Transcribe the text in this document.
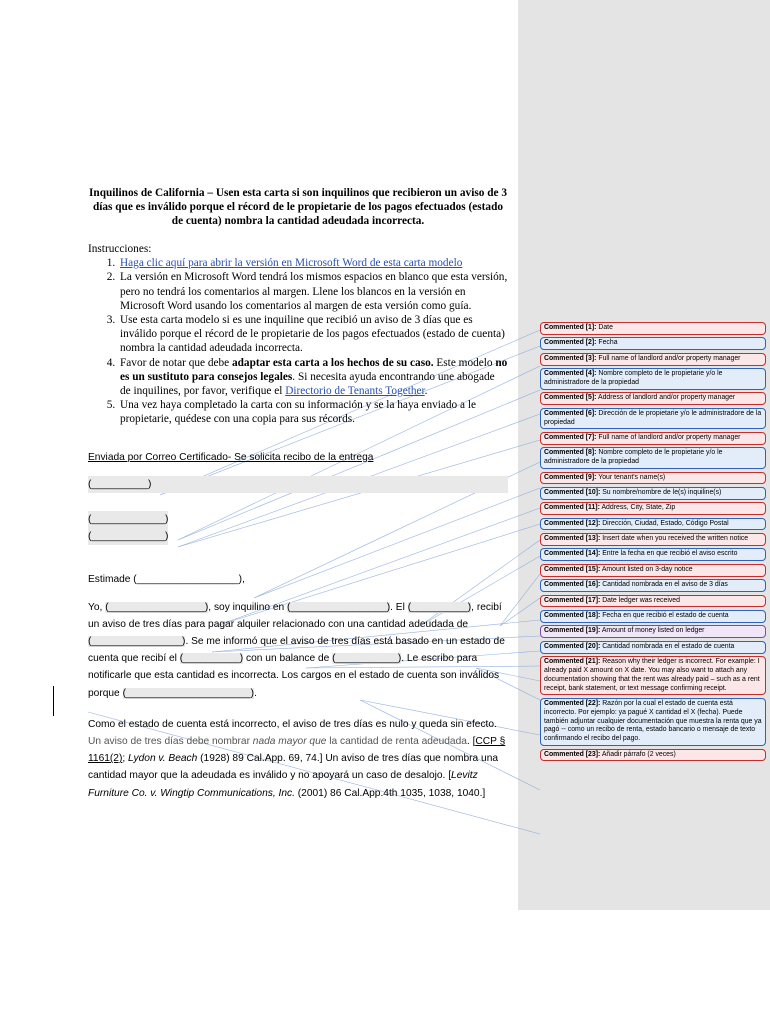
Inquilinos de California – Usen esta carta si son inquilinos que recibieron un aviso de 3 días que es inválido porque el récord de le propietarie de los pagos efectuados (estado de cuenta) nombra la cantidad adeudada incorrecta.

Instrucciones:
1. Haga clic aquí para abrir la versión en Microsoft Word de esta carta modelo
2. La versión en Microsoft Word tendrá los mismos espacios en blanco que esta versión, pero no tendrá los comentarios al margen. Llene los blancos en la versión en Microsoft Word usando los comentarios al margen de esta versión como guía.
3. Use esta carta modelo si es une inquiline que recibió un aviso de 3 días que es inválido porque el récord de le propietarie de los pagos efectuados (estado de cuenta) nombra la cantidad adeudada incorrecta.
4. Favor de notar que debe adaptar esta carta a los hechos de su caso. Este modelo no es un sustituto para consejos legales. Si necesita ayuda encontrando une abogade de inquilines, por favor, verifique el Directorio de Tenants Together.
5. Una vez haya completado la carta con su información y se la haya enviado a le propietarie, quédese con una copia para sus récords.
Enviada por Correo Certificado- Se solicita recibo de la entrega
(__________)
(_____________)
(_____________)
Estimade (__________________),

Yo, (_________________), soy inquilino en (_________________). El (__________), recibí un aviso de tres días para pagar alquiler relacionado con una cantidad adeudada de (________________). Se me informó que el aviso de tres días está basado en un estado de cuenta que recibí el (__________) con un balance de (___________). Le escribo para notificarle que esta cantidad es incorrecta. Los cargos en el estado de cuenta son inválidos porque (______________________).

Como el estado de cuenta está incorrecto, el aviso de tres días es nulo y queda sin efecto. Un aviso de tres días debe nombrar nada mayor que la cantidad de renta adeudada. [CCP § 1161(2); Lydon v. Beach (1928) 89 Cal.App. 69, 74.] Un aviso de tres días que nombra una cantidad mayor que la adeudada es inválido y no apoyará un caso de desalojo. [Levitz Furniture Co. v. Wingtip Communications, Inc. (2001) 86 Cal.App.4th 1035, 1038, 1040.]

Commented [1]: Date
Commented [2]: Fecha
Commented [3]: Full name of landlord and/or property manager
Commented [4]: Nombre completo de le propietarie y/o le administradore de la propiedad
Commented [5]: Address of landlord and/or property manager
Commented [6]: Dirección de le propietarie y/o le administradore de la propiedad
Commented [7]: Full name of landlord and/or property manager
Commented [8]: Nombre completo de le propietarie y/o le administradore de la propiedad
Commented [9]: Your tenant's name(s)
Commented [10]: Su nombre/nombre de le(s) inquiline(s)
Commented [11]: Address, City, State, Zip
Commented [12]: Dirección, Ciudad, Estado, Código Postal
Commented [13]: Insert date when you received the written notice
Commented [14]: Entre la fecha en que recibió el aviso escrito
Commented [15]: Amount listed on 3-day notice
Commented [16]: Cantidad nombrada en el aviso de 3 días
Commented [17]: Date ledger was received
Commented [18]: Fecha en que recibió el estado de cuenta
Commented [19]: Amount of money listed on ledger
Commented [20]: Cantidad nombrada en el estado de cuenta
Commented [21]: Reason why their ledger is incorrect. For example: I already paid X amount on X date. You may also want to attach any documentation showing that the rent was already paid – such as a rent receipt, bank statement, or text message confirming receipt.
Commented [22]: Razón por la cual el estado de cuenta está incorrecto. Por ejemplo: ya pagué X cantidad el X (fecha). Puede también adjuntar cualquier documentación que muestra la renta que ya pagó -- como un recibo de renta, estado bancario o mensaje de texto confirmando el recibo del pago.
Commented [23]: Añadir párrafo (2 veces)
